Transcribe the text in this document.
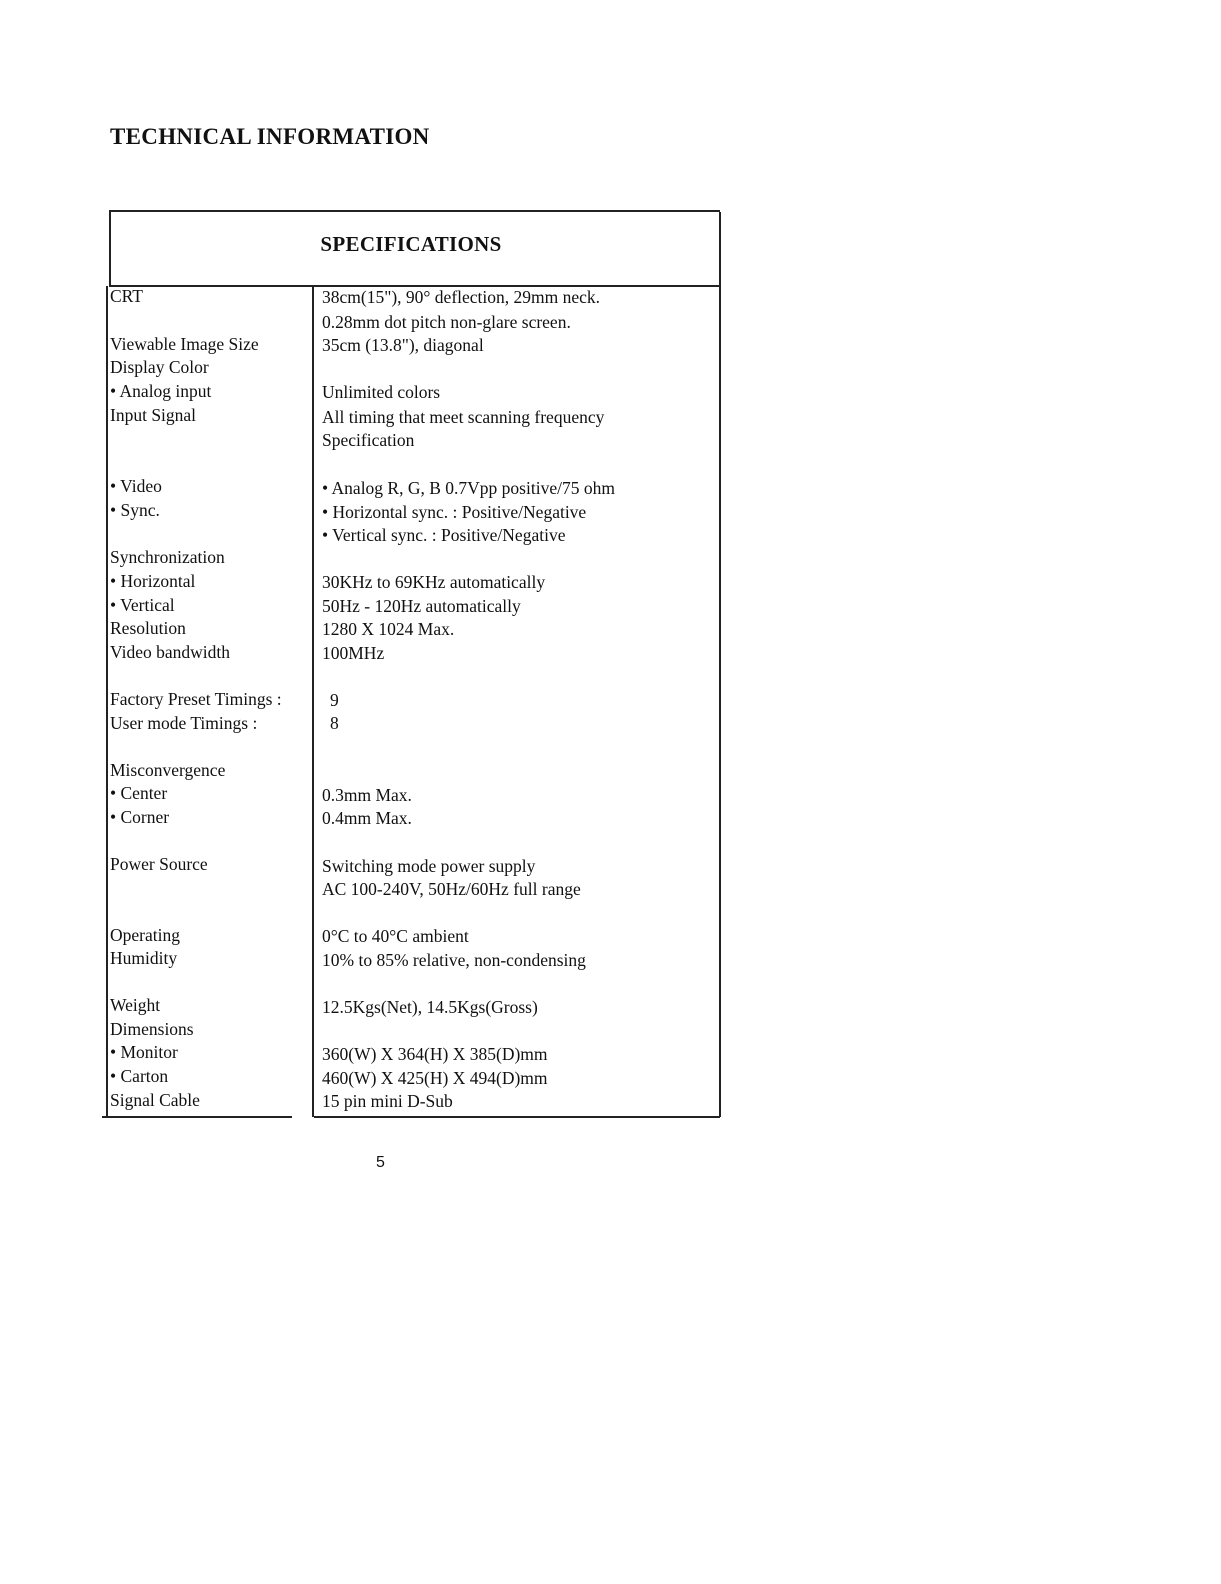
TECHNICAL INFORMATION
SPECIFICATIONS
CRT
Viewable Image Size
Display Color
• Analog input
Input Signal
• Video
• Sync.
Synchronization
• Horizontal
• Vertical
Resolution
Video bandwidth
Factory Preset Timings :
User mode Timings :
Misconvergence
• Center
• Corner
Power Source
Operating
Humidity
Weight
Dimensions
• Monitor
• Carton
Signal Cable
38cm(15"), 90° deflection, 29mm neck.
0.28mm dot pitch non-glare screen.
35cm (13.8"), diagonal
Unlimited colors
All timing that meet scanning frequency
Specification
• Analog R, G, B 0.7Vpp positive/75 ohm
• Horizontal sync. : Positive/Negative
• Vertical sync. : Positive/Negative
30KHz to 69KHz automatically
50Hz - 120Hz automatically
1280 X 1024 Max.
100MHz
9
8
0.3mm Max.
0.4mm Max.
Switching mode power supply
AC 100-240V, 50Hz/60Hz full range
0°C to 40°C ambient
10% to 85% relative, non-condensing
12.5Kgs(Net), 14.5Kgs(Gross)
360(W) X 364(H) X 385(D)mm
460(W) X 425(H) X 494(D)mm
15 pin mini D-Sub
5
